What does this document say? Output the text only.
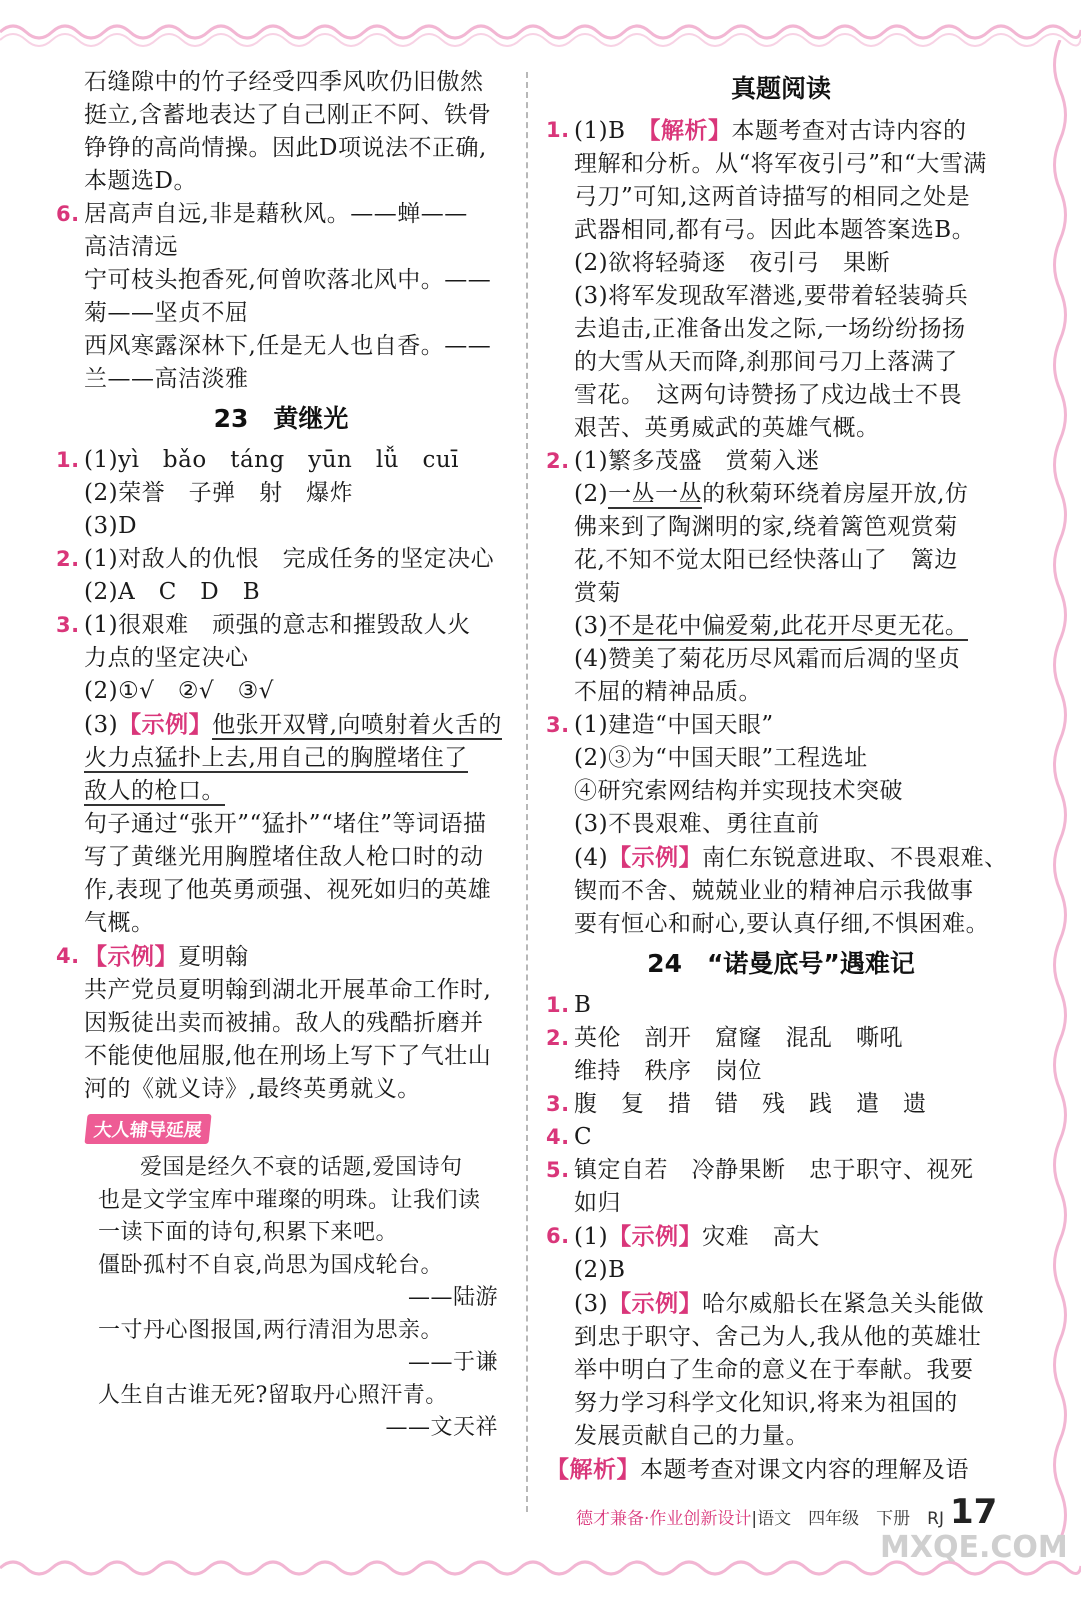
石缝隙中的竹子经受四季风吹仍旧傲然
挺立,含蓄地表达了自己刚正不阿、铁骨
铮铮的高尚情操。因此D项说法不正确,
本题选D。
6. 居高声自远,非是藉秋风。——蝉——
高洁清远
宁可枝头抱香死,何曾吹落北风中。——
菊——坚贞不屈
西风寒露深林下,任是无人也自香。——
兰——高洁淡雅
23　黄继光
1. (1)yì　bǎo　táng　yūn　lǚ　cuī
(2)荣誉　子弹　射　爆炸
(3)D
2. (1)对敌人的仇恨　完成任务的坚定决心
(2)A　C　D　B
3. (1)很艰难　顽强的意志和摧毁敌人火
力点的坚定决心
(2)①√　②√　③√
(3)【示例】他张开双臂,向喷射着火舌的
火力点猛扑上去,用自己的胸膛堵住了
敌人的枪口。
句子通过“张开”“猛扑”“堵住”等词语描
写了黄继光用胸膛堵住敌人枪口时的动
作,表现了他英勇顽强、视死如归的英雄
气概。
4. 【示例】夏明翰
共产党员夏明翰到湖北开展革命工作时,
因叛徒出卖而被捕。敌人的残酷折磨并
不能使他屈服,他在刑场上写下了气壮山
河的《就义诗》,最终英勇就义。
大人辅导延展
爱国是经久不衰的话题,爱国诗句
也是文学宝库中璀璨的明珠。让我们读
一读下面的诗句,积累下来吧。
僵卧孤村不自哀,尚思为国戍轮台。
——陆游
一寸丹心图报国,两行清泪为思亲。
——于谦
人生自古谁无死?留取丹心照汗青。
——文天祥
真题阅读
1. (1)B　【解析】本题考查对古诗内容的
理解和分析。从“将军夜引弓”和“大雪满
弓刀”可知,这两首诗描写的相同之处是
武器相同,都有弓。因此本题答案选B。
(2)欲将轻骑逐　夜引弓　果断
(3)将军发现敌军潜逃,要带着轻装骑兵
去追击,正准备出发之际,一场纷纷扬扬
的大雪从天而降,刹那间弓刀上落满了
雪花。　这两句诗赞扬了戍边战士不畏
艰苦、英勇威武的英雄气概。
2. (1)繁多茂盛　赏菊入迷
(2)一丛一丛的秋菊环绕着房屋开放,仿
佛来到了陶渊明的家,绕着篱笆观赏菊
花,不知不觉太阳已经快落山了　篱边
赏菊
(3)不是花中偏爱菊,此花开尽更无花。
(4)赞美了菊花历尽风霜而后凋的坚贞
不屈的精神品质。
3. (1)建造“中国天眼”
(2)③为“中国天眼”工程选址
④研究索网结构并实现技术突破
(3)不畏艰难、勇往直前
(4)【示例】南仁东锐意进取、不畏艰难、
锲而不舍、兢兢业业的精神启示我做事
要有恒心和耐心,要认真仔细,不惧困难。
24　“诺曼底号”遇难记
1. B
2. 英伦　剖开　窟窿　混乱　嘶吼
维持　秩序　岗位
3. 腹　复　措　错　残　践　遣　遗
4. C
5. 镇定自若　冷静果断　忠于职守、视死
如归
6. (1)【示例】灾难　高大
(2)B
(3)【示例】哈尔威船长在紧急关头能做
到忠于职守、舍己为人,我从他的英雄壮
举中明白了生命的意义在于奉献。我要
努力学习科学文化知识,将来为祖国的
发展贡献自己的力量。
【解析】本题考查对课文内容的理解及语
德才兼备·作业创新设计|语文　四年级　下册　RJ 17
MXQE.COM
